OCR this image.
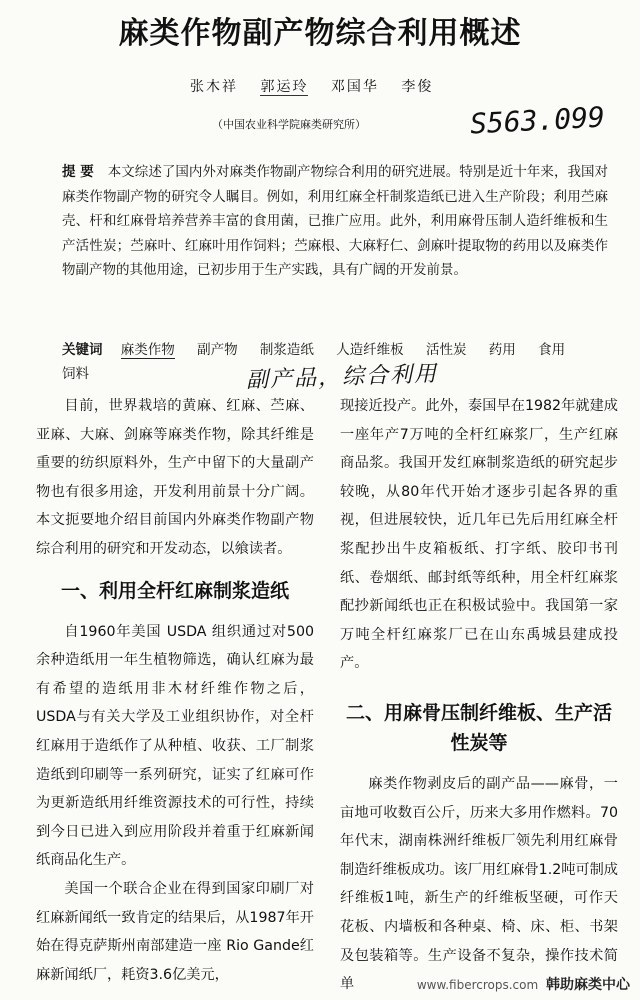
麻类作物副产物综合利用概述
张木祥 郭运玲 邓国华 李俊
（中国农业科学院麻类研究所）	S563.099
提 要 本文综述了国内外对麻类作物副产物综合利用的研究进展。特别是近十年来，我国对麻类作物副产物的研究令人瞩目。例如，利用红麻全杆制浆造纸已进入生产阶段；利用苎麻壳、杆和红麻骨培养营养丰富的食用菌，已推广应用。此外，利用麻骨压制人造纤维板和生产活性炭；苎麻叶、红麻叶用作饲料；苎麻根、大麻籽仁、剑麻叶提取物的药用以及麻类作物副产物的其他用途，已初步用于生产实践，具有广阔的开发前景。
关键词 麻类作物 副产物 制浆造纸 人造纤维板 活性炭 药用 食用
饲料	副产品，综合利用

目前，世界栽培的黄麻、红麻、苎麻、亚麻、大麻、剑麻等麻类作物，除其纤维是重要的纺织原料外，生产中留下的大量副产物也有很多用途，开发利用前景十分广阔。本文扼要地介绍目前国内外麻类作物副产物综合利用的研究和开发动态，以飨读者。

一、利用全杆红麻制浆造纸

自1960年美国 USDA 组织通过对500余种造纸用一年生植物筛选，确认红麻为最有希望的造纸用非木材纤维作物之后，USDA与有关大学及工业组织协作，对全杆红麻用于造纸作了从种植、收获、工厂制浆造纸到印刷等一系列研究，证实了红麻可作为更新造纸用纤维资源技术的可行性，持续到今日已进入到应用阶段并着重于红麻新闻纸商品化生产。

美国一个联合企业在得到国家印刷厂对红麻新闻纸一致肯定的结果后，从1987年开始在得克萨斯州南部建造一座 Rio Gande红麻新闻纸厂，耗资3.6亿美元，

现接近投产。此外，泰国早在1982年就建成一座年产7万吨的全杆红麻浆厂，生产红麻商品浆。我国开发红麻制浆造纸的研究起步较晚，从80年代开始才逐步引起各界的重视，但进展较快，近几年已先后用红麻全杆浆配抄出牛皮箱板纸、打字纸、胶印书刊纸、卷烟纸、邮封纸等纸种，用全杆红麻浆配抄新闻纸也正在积极试验中。我国第一家万吨全杆红麻浆厂已在山东禹城县建成投产。

二、用麻骨压制纤维板、生产活性炭等

麻类作物剥皮后的副产品——麻骨，一亩地可收数百公斤，历来大多用作燃料。70年代末，湖南株洲纤维板厂领先利用红麻骨制造纤维板成功。该厂用红麻骨1.2吨可制成纤维板1吨，新生产的纤维板坚硬，可作天花板、内墙板和各种桌、椅、床、柜、书架及包装箱等。生产设备不复杂，操作技术简单	www.fibercrops.com 韩助麻类中心
